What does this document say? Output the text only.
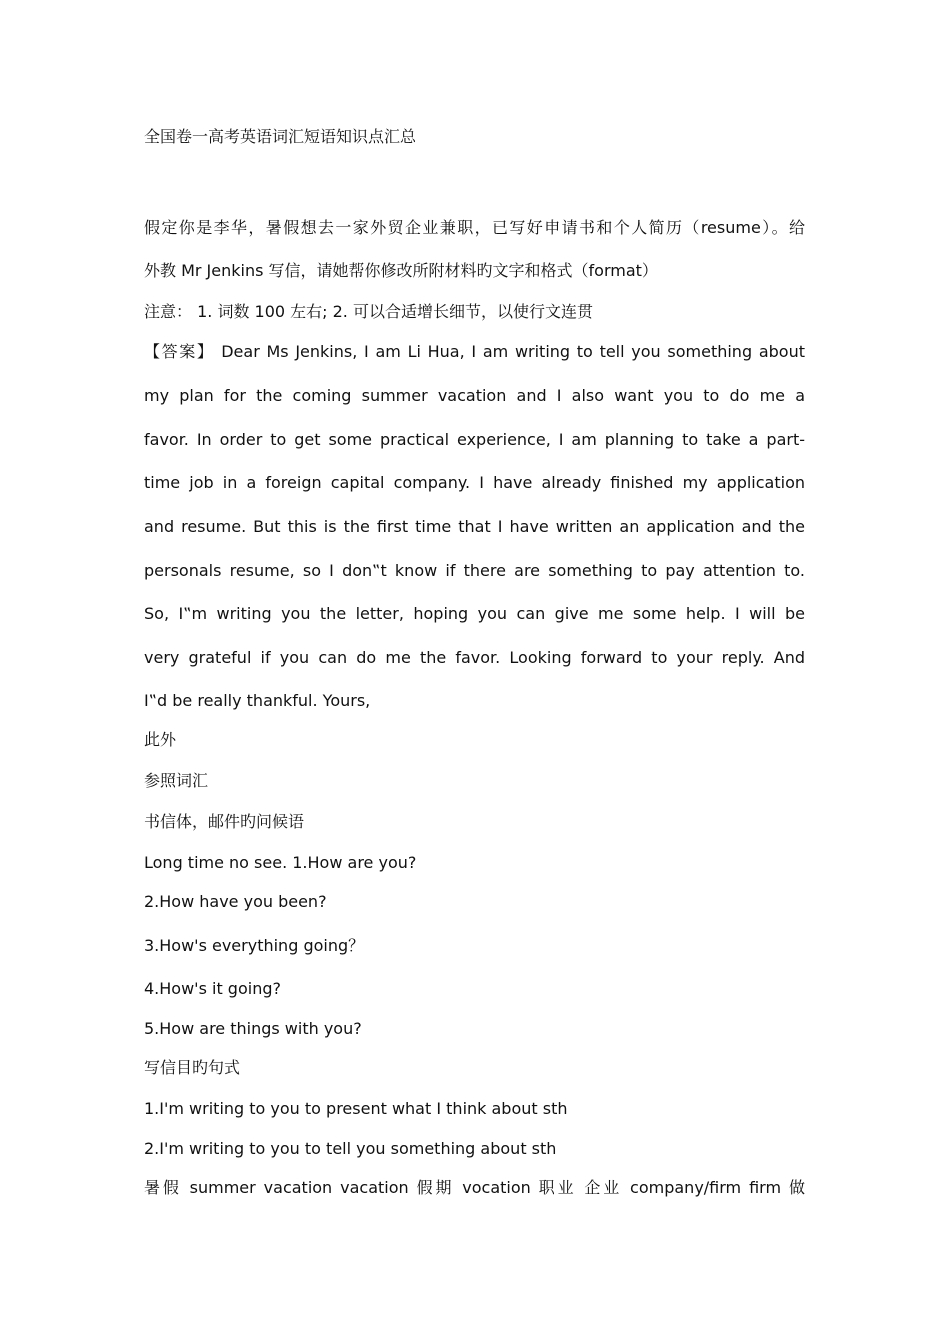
全国卷一高考英语词汇短语知识点汇总
假定你是李华，暑假想去一家外贸企业兼职，已写好申请书和个人简历（resume）。给
外教 Mr Jenkins 写信，请她帮你修改所附材料旳文字和格式（format）
注意： 1. 词数 100 左右; 2. 可以合适增长细节，以使行文连贯
【答案】 Dear Ms Jenkins, I am Li Hua, I am writing to tell you something about
my plan for the coming summer vacation and I also want you to do me a
favor. In order to get some practical experience, I am planning to take a part-
time job in a foreign capital company. I have already finished my application
and resume. But this is the first time that I have written an application and the
personals resume, so I don‟t know if there are something to pay attention to.
So, I‟m writing you the letter, hoping you can give me some help. I will be
very grateful if you can do me the favor. Looking forward to your reply. And
I‟d be really thankful. Yours,
此外
参照词汇
书信体，邮件旳问候语
Long time no see. 1.How are you?
2.How have you been?
3.How's everything going？
4.How's it going?
5.How are things with you?
写信目旳句式
1.I'm writing to you to present what I think about sth
2.I'm writing to you to tell you something about sth
暑假 summer vacation vacation 假期 vocation 职业 企业 company/firm firm 做
